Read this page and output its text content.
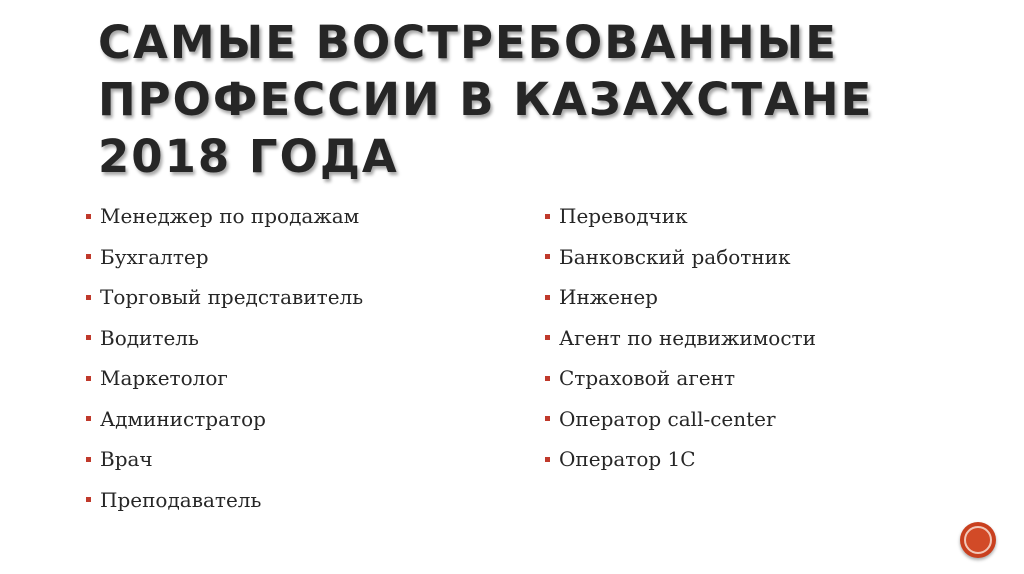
САМЫЕ ВОСТРЕБОВАННЫЕ ПРОФЕССИИ В КАЗАХСТАНЕ 2018 ГОДА
Менеджер по продажам
Бухгалтер
Торговый представитель
Водитель
Маркетолог
Администратор
Врач
Преподаватель
Переводчик
Банковский работник
Инженер
Агент по недвижимости
Страховой агент
Оператор call-center
Оператор 1С
